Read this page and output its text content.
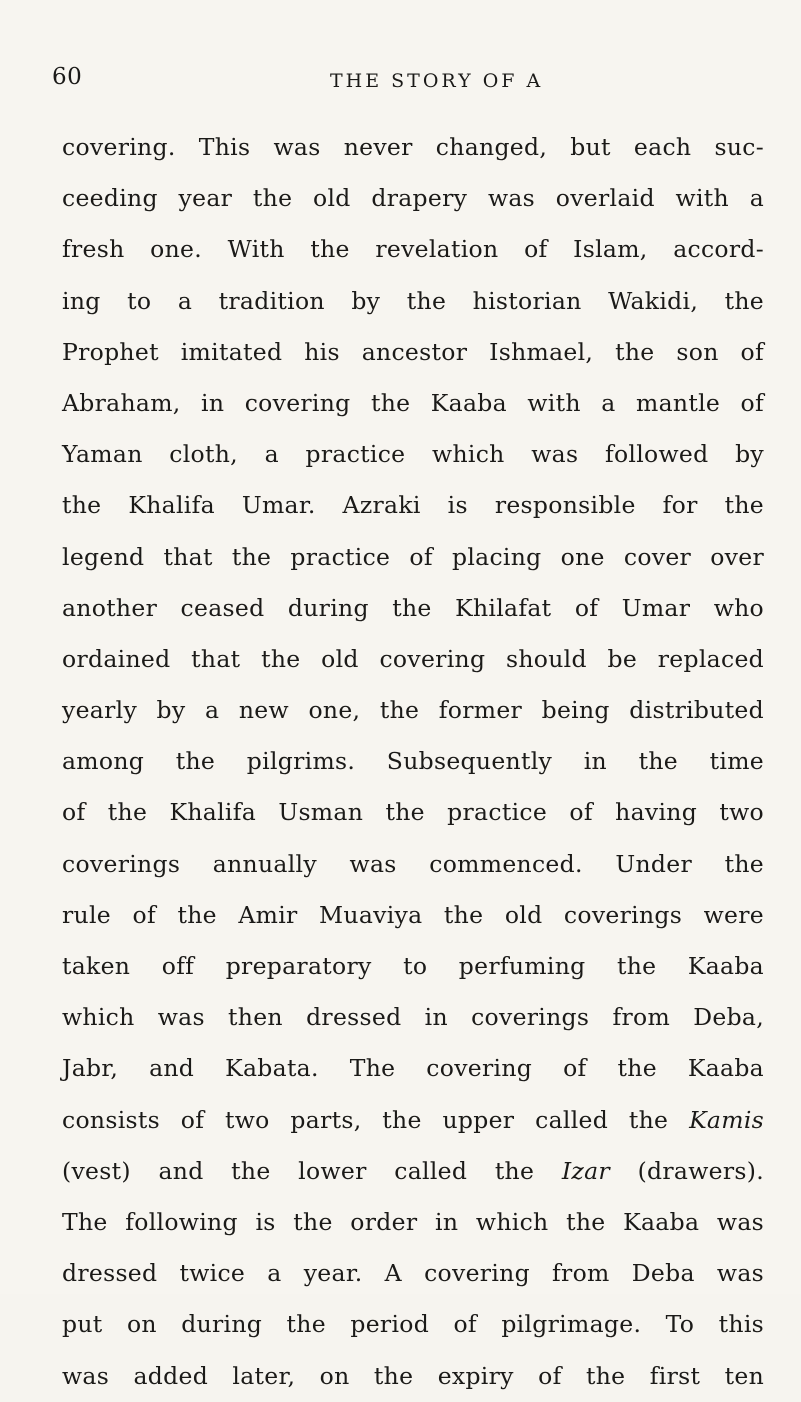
60	THE STORY OF A
covering. This was never changed, but each suc-
ceeding year the old drapery was overlaid with a
fresh one. With the revelation of Islam, accord-
ing to a tradition by the historian Wakidi, the
Prophet imitated his ancestor Ishmael, the son of
Abraham, in covering the Kaaba with a mantle of
Yaman cloth, a practice which was followed by
the Khalifa Umar. Azraki is responsible for the
legend that the practice of placing one cover over
another ceased during the Khilafat of Umar who
ordained that the old covering should be replaced
yearly by a new one, the former being distributed
among the pilgrims. Subsequently in the time
of the Khalifa Usman the practice of having two
coverings annually was commenced. Under the
rule of the Amir Muaviya the old coverings were
taken off preparatory to perfuming the Kaaba
which was then dressed in coverings from Deba,
Jabr, and Kabata. The covering of the Kaaba
consists of two parts, the upper called the Kamis
(vest) and the lower called the Izar (drawers).
The following is the order in which the Kaaba was
dressed twice a year. A covering from Deba was
put on during the period of pilgrimage. To this
was added later, on the expiry of the first ten
